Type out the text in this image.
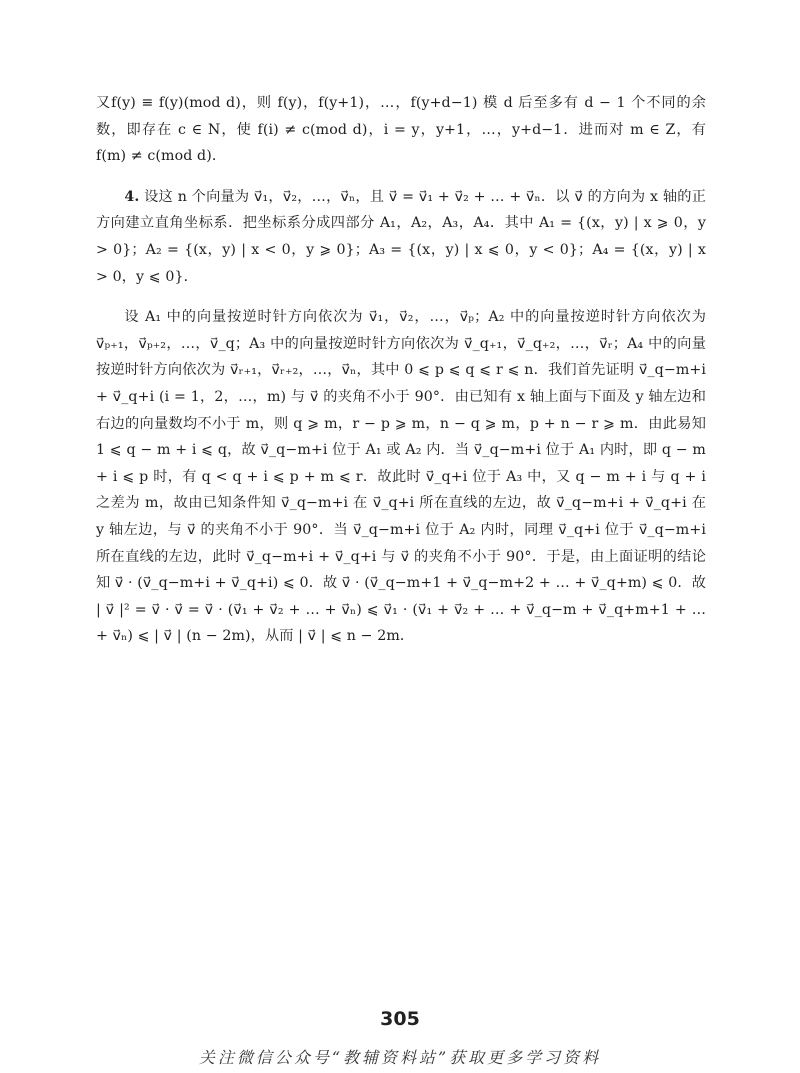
又f(y) ≡ f(y)(mod d)，则 f(y)，f(y+1)，…，f(y+d−1) 模 d 后至多有 d − 1 个不同的余数，即存在 c ∈ N，使 f(i) ≠ c(mod d)，i = y，y+1，…，y+d−1．进而对 m ∈ Z，有 f(m) ≠ c(mod d)．

4. 设这 n 个向量为 v⃗₁，v⃗₂，…，v⃗ₙ，且 v⃗ = v⃗₁ + v⃗₂ + … + v⃗ₙ．以 v⃗ 的方向为 x 轴的正方向建立直角坐标系．把坐标系分成四部分 A₁，A₂，A₃，A₄．其中 A₁ = {(x，y) | x ⩾ 0，y > 0}；A₂ = {(x，y) | x < 0，y ⩾ 0}；A₃ = {(x，y) | x ⩽ 0，y < 0}；A₄ = {(x，y) | x > 0，y ⩽ 0}．

设 A₁ 中的向量按逆时针方向依次为 v⃗₁，v⃗₂，…，v⃗ₚ；A₂ 中的向量按逆时针方向依次为 v⃗ₚ₊₁，v⃗ₚ₊₂，…，v⃗_q；A₃ 中的向量按逆时针方向依次为 v⃗_q₊₁，v⃗_q₊₂，…，v⃗ᵣ；A₄ 中的向量按逆时针方向依次为 v⃗ᵣ₊₁，v⃗ᵣ₊₂，…，v⃗ₙ，其中 0 ⩽ p ⩽ q ⩽ r ⩽ n．我们首先证明 v⃗_q−m+i + v⃗_q+i (i = 1，2，…，m) 与 v⃗ 的夹角不小于 90°．由已知有 x 轴上面与下面及 y 轴左边和右边的向量数均不小于 m，则 q ⩾ m，r − p ⩾ m，n − q ⩾ m，p + n − r ⩾ m．由此易知 1 ⩽ q − m + i ⩽ q，故 v⃗_q−m+i 位于 A₁ 或 A₂ 内．当 v⃗_q−m+i 位于 A₁ 内时，即 q − m + i ⩽ p 时，有 q < q + i ⩽ p + m ⩽ r．故此时 v⃗_q+i 位于 A₃ 中，又 q − m + i 与 q + i 之差为 m，故由已知条件知 v⃗_q−m+i 在 v⃗_q+i 所在直线的左边，故 v⃗_q−m+i + v⃗_q+i 在 y 轴左边，与 v⃗ 的夹角不小于 90°．当 v⃗_q−m+i 位于 A₂ 内时，同理 v⃗_q+i 位于 v⃗_q−m+i 所在直线的左边，此时 v⃗_q−m+i + v⃗_q+i 与 v⃗ 的夹角不小于 90°．于是，由上面证明的结论知 v⃗ · (v⃗_q−m+i + v⃗_q+i) ⩽ 0．故 v⃗ · (v⃗_q−m+1 + v⃗_q−m+2 + … + v⃗_q+m) ⩽ 0．故 | v⃗ |² = v⃗ · v⃗ = v⃗ · (v⃗₁ + v⃗₂ + … + v⃗ₙ) ⩽ v⃗₁ · (v⃗₁ + v⃗₂ + … + v⃗_q−m + v⃗_q+m+1 + … + v⃗ₙ) ⩽ | v⃗ | (n − 2m)，从而 | v⃗ | ⩽ n − 2m．

305
关注微信公众号“教辅资料站”获取更多学习资料
